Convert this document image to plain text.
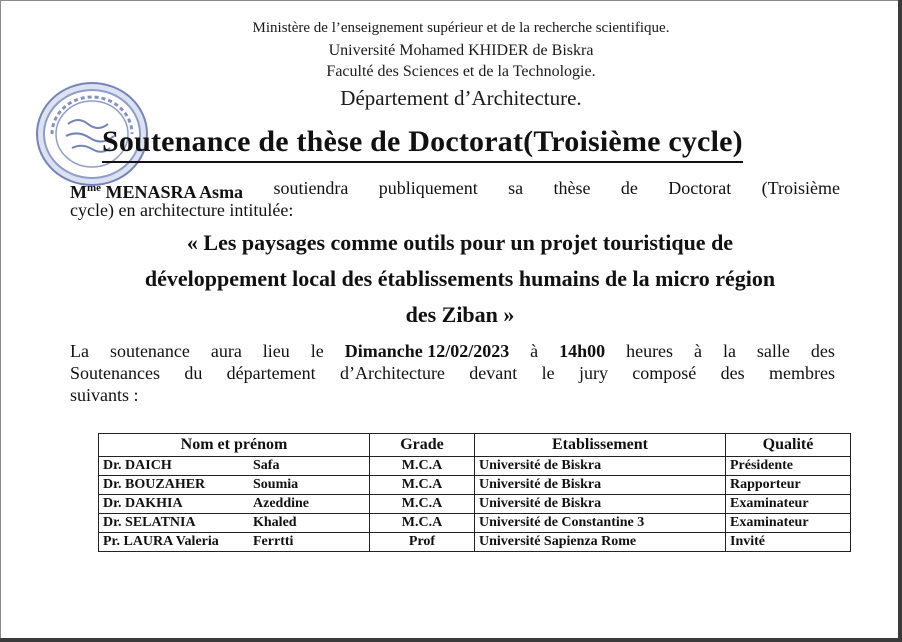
Ministère de l’enseignement supérieur et de la recherche scientifique.
Université Mohamed KHIDER de Biskra
Faculté des Sciences et de la Technologie.
Département d’Architecture.
Soutenance de thèse de Doctorat(Troisième cycle)
$M^{me}$ MENASRA Asma soutiendra publiquement sa thèse de Doctorat (Troisième
cycle) en architecture intitulée:
« Les paysages comme outils pour un projet touristique de
développement local des établissements humains de la micro région
des Ziban »
La soutenance aura lieu le Dimanche 12/02/2023 à 14h00 heures à la salle des
Soutenances du département d’Architecture devant le jury composé des membres
suivants :
Nom et prénom	Grade	Etablissement	Qualité

Dr. DAICH Safa	M.C.A	Université de Biskra	Présidente

Dr. BOUZAHER Soumia	M.C.A	Université de Biskra	Rapporteur

Dr. DAKHIA Azeddine	M.C.A	Université de Biskra	Examinateur

Dr. SELATNIA Khaled	M.C.A	Université de Constantine 3	Examinateur

Pr. LAURA Valeria Ferrtti	Prof	Université Sapienza Rome	Invité
